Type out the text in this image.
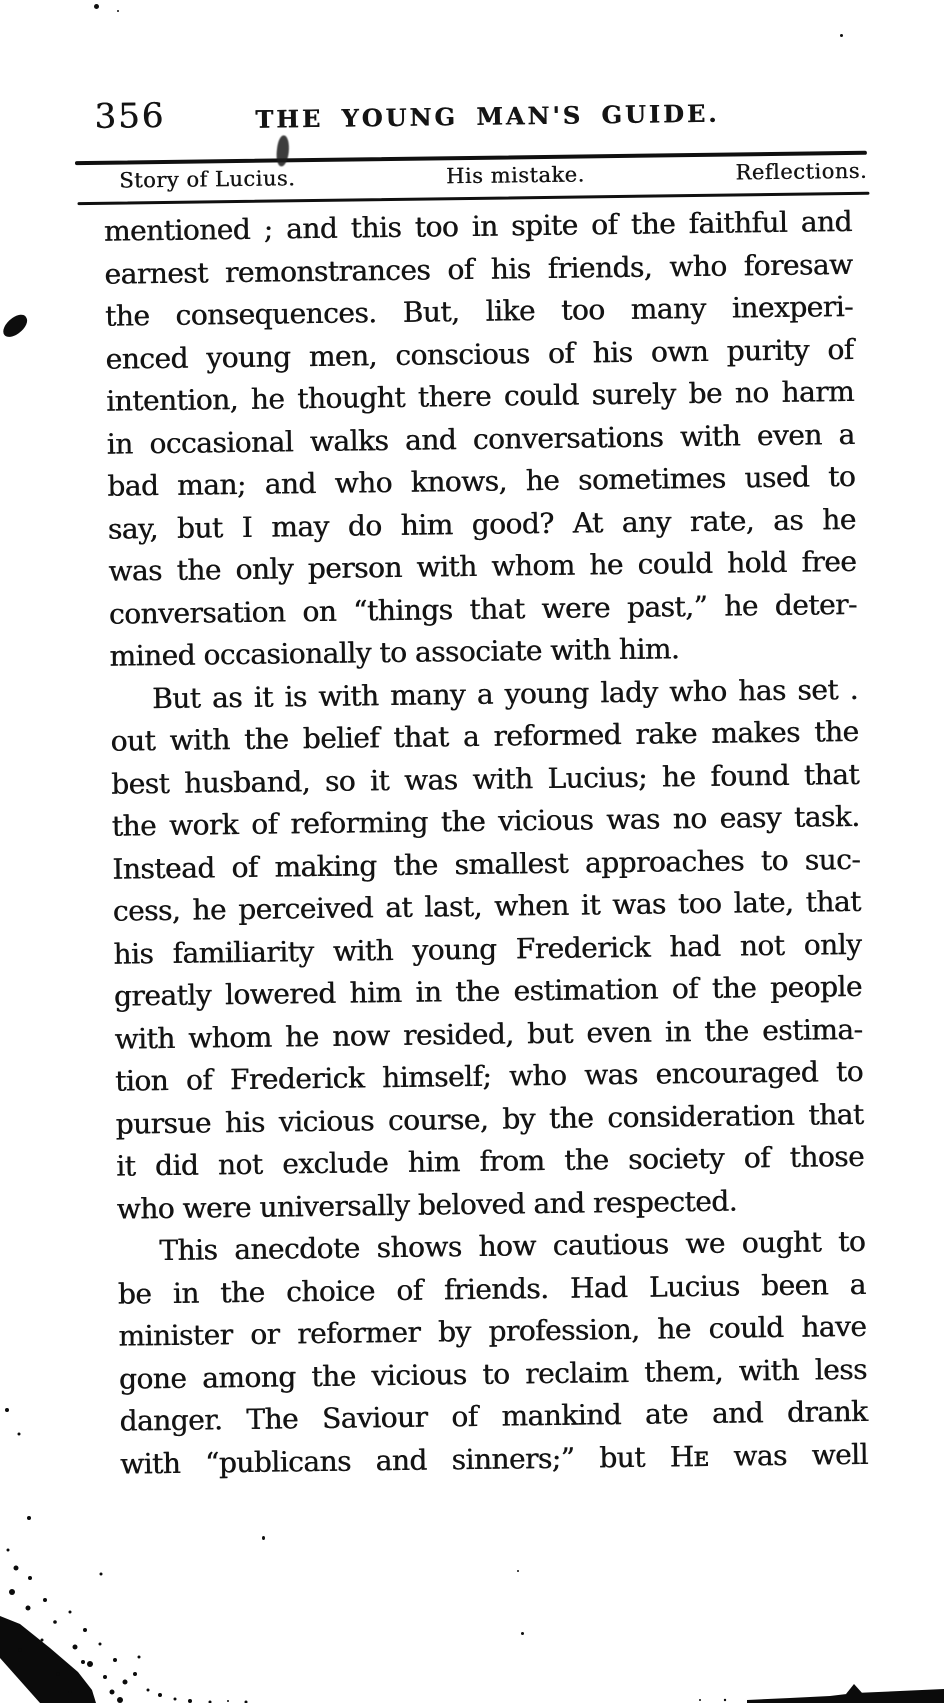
356	THE YOUNG MAN'S GUIDE.
Story of Lucius.	His mistake.	Reflections.
mentioned ; and this too in spite of the faithful and
earnest remonstrances of his friends, who foresaw
the consequences. But, like too many inexperi-
enced young men, conscious of his own purity of
intention, he thought there could surely be no harm
in occasional walks and conversations with even a
bad man; and who knows, he sometimes used to
say, but I may do him good? At any rate, as he
was the only person with whom he could hold free
conversation on “things that were past,” he deter-
mined occasionally to associate with him.
But as it is with many a young lady who has set .
out with the belief that a reformed rake makes the
best husband, so it was with Lucius; he found that
the work of reforming the vicious was no easy task.
Instead of making the smallest approaches to suc-
cess, he perceived at last, when it was too late, that
his familiarity with young Frederick had not only
greatly lowered him in the estimation of the people
with whom he now resided, but even in the estima-
tion of Frederick himself; who was encouraged to
pursue his vicious course, by the consideration that
it did not exclude him from the society of those
who were universally beloved and respected.
This anecdote shows how cautious we ought to
be in the choice of friends. Had Lucius been a
minister or reformer by profession, he could have
gone among the vicious to reclaim them, with less
danger. The Saviour of mankind ate and drank
with “publicans and sinners;” but Hᴇ was well
